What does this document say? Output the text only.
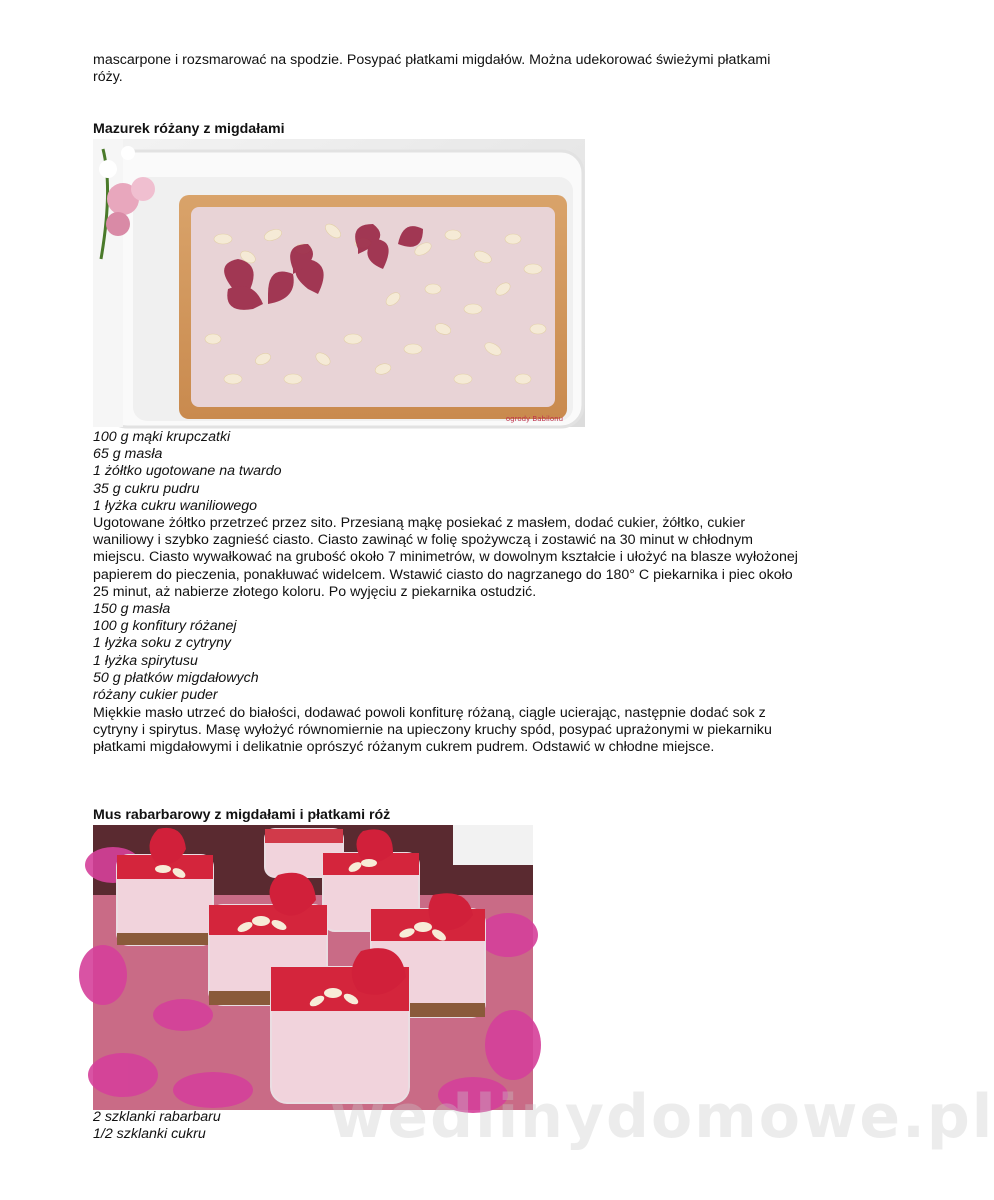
mascarpone i rozsmarować na spodzie. Posypać płatkami migdałów. Można udekorować świeżymi płatkami róży.

Mazurek różany z migdałami
ogrody Babilonu
100 g mąki krupczatki
65 g masła
1 żółtko ugotowane na twardo
35 g cukru pudru
1 łyżka cukru waniliowego

Ugotowane żółtko przetrzeć przez sito. Przesianą mąkę posiekać z masłem, dodać cukier, żółtko, cukier waniliowy i szybko zagnieść ciasto. Ciasto zawinąć w folię spożywczą i zostawić na 30 minut w chłodnym miejscu. Ciasto wywałkować na grubość około 7 minimetrów, w dowolnym kształcie i ułożyć na blasze wyłożonej papierem do pieczenia, ponakłuwać widelcem. Wstawić ciasto do nagrzanego do 180° C piekarnika i piec około 25 minut, aż nabierze złotego koloru. Po wyjęciu z piekarnika ostudzić.

150 g masła
100 g konfitury różanej
1 łyżka soku z cytryny
1 łyżka spirytusu
50 g płatków migdałowych
różany cukier puder

Miękkie masło utrzeć do białości, dodawać powoli konfiturę różaną, ciągle ucierając, następnie dodać sok z cytryny i spirytus. Masę wyłożyć równomiernie na upieczony kruchy spód, posypać uprażonymi w piekarniku płatkami migdałowymi i delikatnie oprószyć różanym cukrem pudrem. Odstawić w chłodne miejsce.

Mus rabarbarowy z migdałami i płatkami róż
2 szklanki rabarbaru
1/2 szklanki cukru wedlinydomowe.pl
